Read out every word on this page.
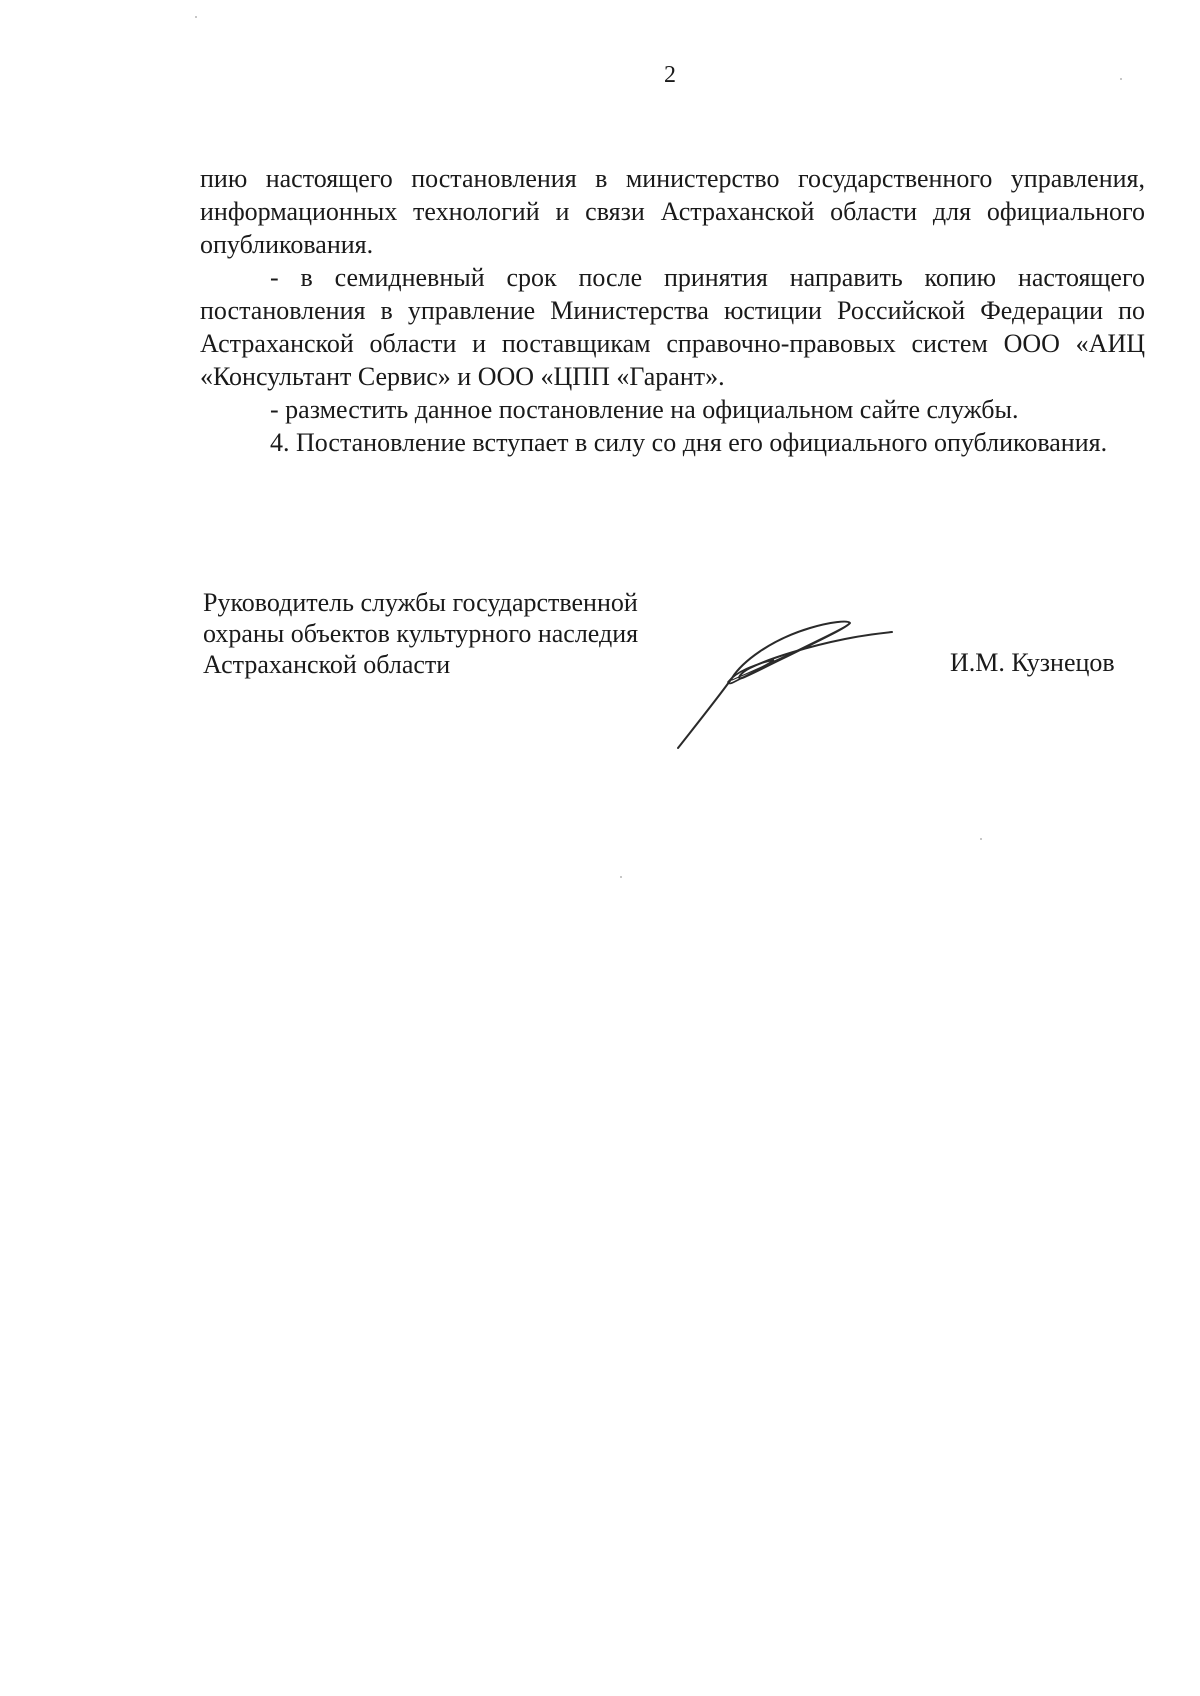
2

пию настоящего постановления в министерство государственного управления, информационных технологий и связи Астраханской области для официального опубликования.

- в семидневный срок после принятия направить копию настоящего постановления в управление Министерства юстиции Российской Федерации по Астраханской области и поставщикам справочно-правовых систем ООО «АИЦ «Консультант Сервис» и ООО «ЦПП «Гарант».

- разместить данное постановление на официальном сайте службы.

4. Постановление вступает в силу со дня его официального опубликования.

Руководитель службы государственной
охраны объектов культурного наследия
Астраханской области	И.М. Кузнецов
